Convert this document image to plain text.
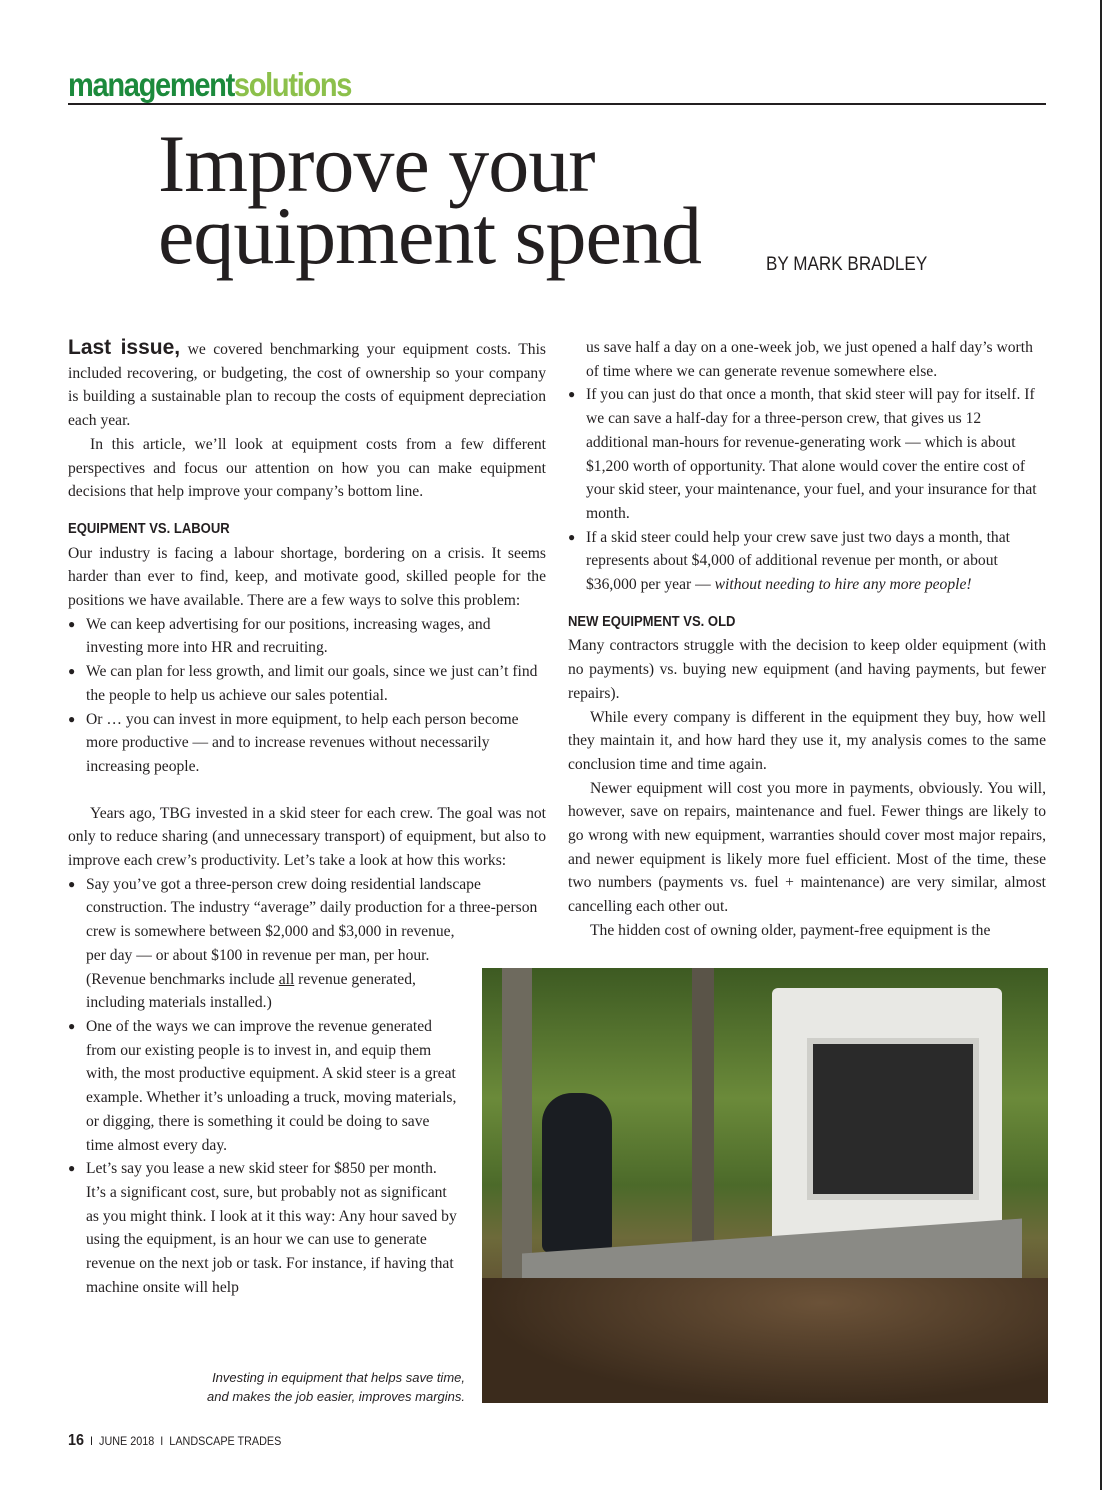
managementsolutions
Improve your
equipment spend	BY MARK BRADLEY

Last issue, we covered benchmarking your equipment costs. This included recovering, or budgeting, the cost of ownership so your company is building a sustainable plan to recoup the costs of equipment depreciation each year.

In this article, we’ll look at equipment costs from a few different perspectives and focus our attention on how you can make equipment decisions that help improve your company’s bottom line.

EQUIPMENT VS. LABOUR

Our industry is facing a labour shortage, bordering on a crisis. It seems harder than ever to find, keep, and motivate good, skilled people for the positions we have available. There are a few ways to solve this problem:

● We can keep advertising for our positions, increasing wages, and investing more into HR and recruiting.
● We can plan for less growth, and limit our goals, since we just can’t find the people to help us achieve our sales potential.
● Or … you can invest in more equipment, to help each person become more productive — and to increase revenues without necessarily increasing people.

Years ago, TBG invested in a skid steer for each crew. The goal was not only to reduce sharing (and unnecessary transport) of equipment, but also to improve each crew’s productivity. Let’s take a look at how this works:

● Say you’ve got a three-person crew doing residential landscape construction. The industry “average” daily production for a three-person crew is somewhere between $2,000 and $3,000 in revenue, per day — or about $100 in revenue per man, per hour. (Revenue benchmarks include all revenue generated, including materials installed.)
● One of the ways we can improve the revenue generated from our existing people is to invest in, and equip them with, the most productive equipment. A skid steer is a great example. Whether it’s unloading a truck, moving materials, or digging, there is something it could be doing to save time almost every day.
● Let’s say you lease a new skid steer for $850 per month. It’s a significant cost, sure, but probably not as significant as you might think. I look at it this way: Any hour saved by using the equipment, is an hour we can use to generate revenue on the next job or task. For instance, if having that machine onsite will help

us save half a day on a one-week job, we just opened a half day’s worth of time where we can generate revenue somewhere else.

● If you can just do that once a month, that skid steer will pay for itself. If we can save a half-day for a three-person crew, that gives us 12 additional man-hours for revenue-generating work — which is about $1,200 worth of opportunity. That alone would cover the entire cost of your skid steer, your maintenance, your fuel, and your insurance for that month.
● If a skid steer could help your crew save just two days a month, that represents about $4,000 of additional revenue per month, or about $36,000 per year — without needing to hire any more people!
NEW EQUIPMENT VS. OLD

Many contractors struggle with the decision to keep older equipment (with no payments) vs. buying new equipment (and having payments, but fewer repairs).

While every company is different in the equipment they buy, how well they maintain it, and how hard they use it, my analysis comes to the same conclusion time and time again.

Newer equipment will cost you more in payments, obviously. You will, however, save on repairs, maintenance and fuel. Fewer things are likely to go wrong with new equipment, warranties should cover most major repairs, and newer equipment is likely more fuel efficient. Most of the time, these two numbers (payments vs. fuel + maintenance) are very similar, almost cancelling each other out.

The hidden cost of owning older, payment-free equipment is the

Investing in equipment that helps save time,
and makes the job easier, improves margins.
16 I JUNE 2018 I LANDSCAPE TRADES
